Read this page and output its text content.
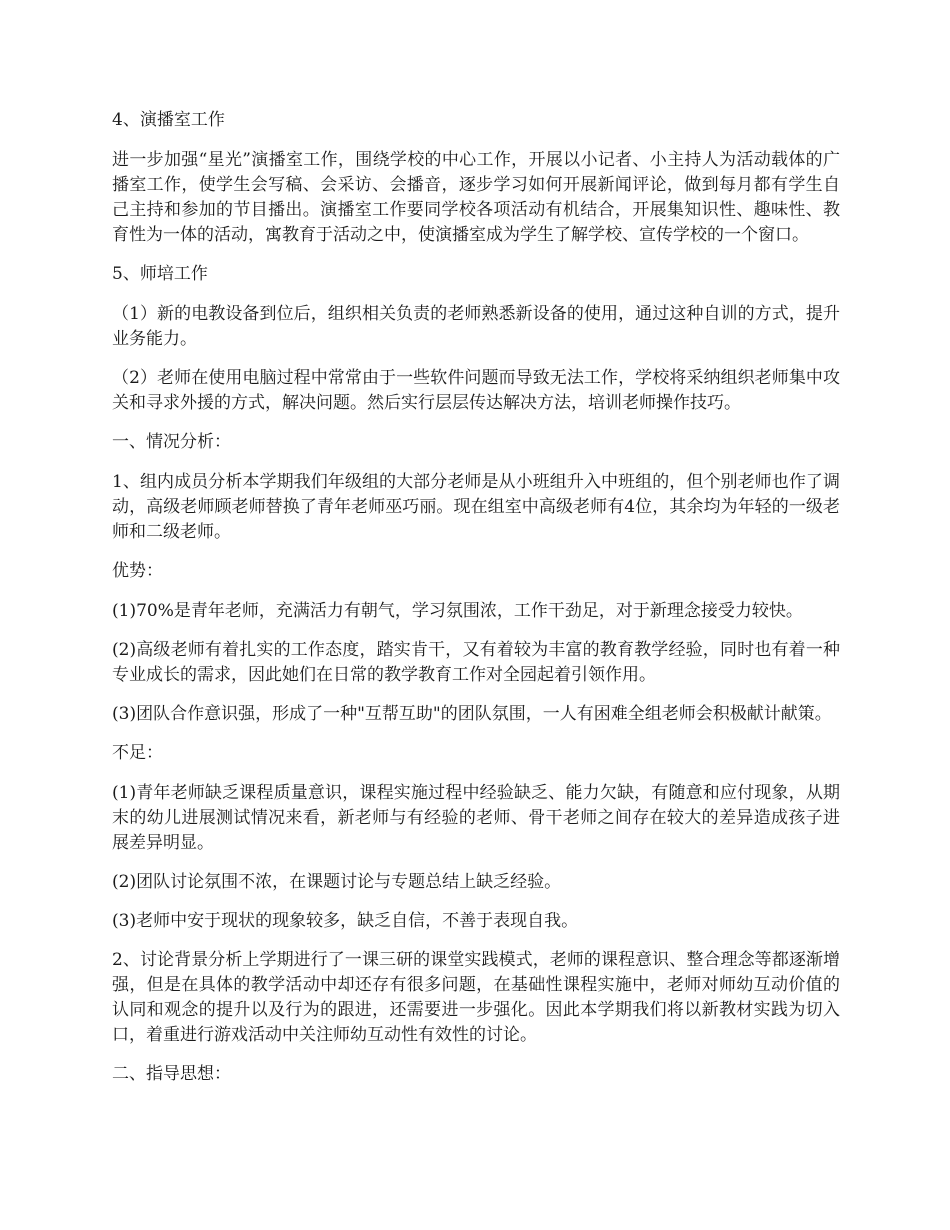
4、演播室工作

进一步加强“星光”演播室工作，围绕学校的中心工作，开展以小记者、小主持人为活动载体的广播室工作，使学生会写稿、会采访、会播音，逐步学习如何开展新闻评论，做到每月都有学生自己主持和参加的节目播出。演播室工作要同学校各项活动有机结合，开展集知识性、趣味性、教育性为一体的活动，寓教育于活动之中，使演播室成为学生了解学校、宣传学校的一个窗口。

5、师培工作

（1）新的电教设备到位后，组织相关负责的老师熟悉新设备的使用，通过这种自训的方式，提升业务能力。

（2）老师在使用电脑过程中常常由于一些软件问题而导致无法工作，学校将采纳组织老师集中攻关和寻求外援的方式，解决问题。然后实行层层传达解决方法，培训老师操作技巧。

一、情况分析：

1、组内成员分析本学期我们年级组的大部分老师是从小班组升入中班组的，但个别老师也作了调动，高级老师顾老师替换了青年老师巫巧丽。现在组室中高级老师有4位，其余均为年轻的一级老师和二级老师。

优势：

(1)70%是青年老师，充满活力有朝气，学习氛围浓，工作干劲足，对于新理念接受力较快。

(2)高级老师有着扎实的工作态度，踏实肯干，又有着较为丰富的教育教学经验，同时也有着一种专业成长的需求，因此她们在日常的教学教育工作对全园起着引领作用。

(3)团队合作意识强，形成了一种"互帮互助"的团队氛围，一人有困难全组老师会积极献计献策。

不足：

(1)青年老师缺乏课程质量意识，课程实施过程中经验缺乏、能力欠缺，有随意和应付现象，从期末的幼儿进展测试情况来看，新老师与有经验的老师、骨干老师之间存在较大的差异造成孩子进展差异明显。

(2)团队讨论氛围不浓，在课题讨论与专题总结上缺乏经验。

(3)老师中安于现状的现象较多，缺乏自信，不善于表现自我。

2、讨论背景分析上学期进行了一课三研的课堂实践模式，老师的课程意识、整合理念等都逐渐增强，但是在具体的教学活动中却还存有很多问题，在基础性课程实施中，老师对师幼互动价值的认同和观念的提升以及行为的跟进，还需要进一步强化。因此本学期我们将以新教材实践为切入口，着重进行游戏活动中关注师幼互动性有效性的讨论。

二、指导思想：
